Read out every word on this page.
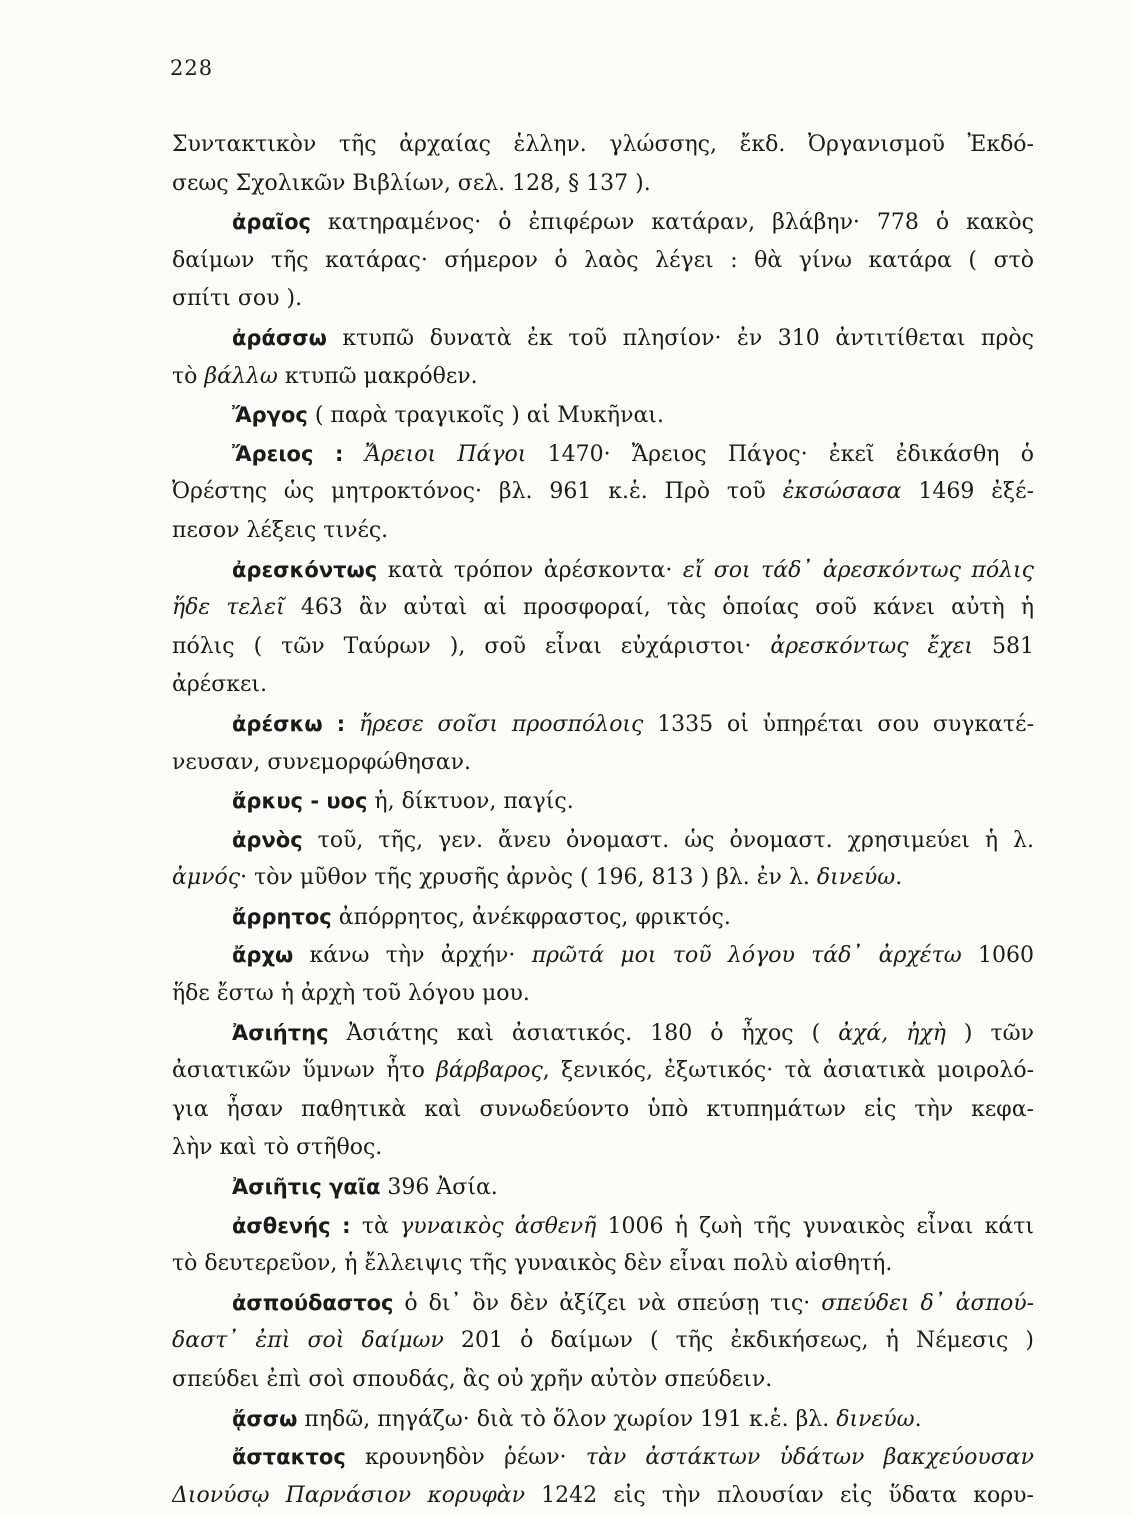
228
Συντακτικὸν τῆς ἀρχαίας ἑλλην. γλώσσης, ἔκδ. Ὀργανισμοῦ Ἐκδό-
σεως Σχολικῶν Βιβλίων, σελ. 128, § 137 ).
ἀραῖος κατηραμένος· ὁ ἐπιφέρων κατάραν, βλάβην· 778 ὁ κακὸς
δαίμων τῆς κατάρας· σήμερον ὁ λαὸς λέγει : θὰ γίνω κατάρα ( στὸ
σπίτι σου ).
ἀράσσω κτυπῶ δυνατὰ ἐκ τοῦ πλησίον· ἐν 310 ἀντιτίθεται πρὸς
τὸ βάλλω κτυπῶ μακρόθεν.
Ἄργος ( παρὰ τραγικοῖς ) αἱ Μυκῆναι.
Ἄρειος : Ἄρειοι Πάγοι 1470· Ἄρειος Πάγος· ἐκεῖ ἐδικάσθη ὁ
Ὀρέστης ὡς μητροκτόνος· βλ. 961 κ.ἑ. Πρὸ τοῦ ἐκσώσασα 1469 ἐξέ-
πεσον λέξεις τινές.
ἀρεσκόντως κατὰ τρόπον ἀρέσκοντα· εἴ σοι τάδ᾽ ἀρεσκόντως πόλις
ἥδε τελεῖ 463 ἂν αὐταὶ αἱ προσφοραί, τὰς ὁποίας σοῦ κάνει αὐτὴ ἡ
πόλις ( τῶν Ταύρων ), σοῦ εἶναι εὐχάριστοι· ἀρεσκόντως ἔχει 581
ἀρέσκει.
ἀρέσκω : ἤρεσε σοῖσι προσπόλοις 1335 οἱ ὑπηρέται σου συγκατέ-
νευσαν, συνεμορφώθησαν.
ἄρκυς - υος ἡ, δίκτυον, παγίς.
ἀρνὸς τοῦ, τῆς, γεν. ἄνευ ὀνομαστ. ὡς ὀνομαστ. χρησιμεύει ἡ λ.
ἀμνός· τὸν μῦθον τῆς χρυσῆς ἀρνὸς ( 196, 813 ) βλ. ἐν λ. δινεύω.
ἄρρητος ἀπόρρητος, ἀνέκφραστος, φρικτός.
ἄρχω κάνω τὴν ἀρχήν· πρῶτά μοι τοῦ λόγου τάδ᾽ ἀρχέτω 1060
ἥδε ἔστω ἡ ἀρχὴ τοῦ λόγου μου.
Ἀσιήτης Ἀσιάτης καὶ ἀσιατικός. 180 ὁ ἦχος ( ἀχά, ἠχὴ ) τῶν
ἀσιατικῶν ὕμνων ἦτο βάρβαρος, ξενικός, ἐξωτικός· τὰ ἀσιατικὰ μοιρολό-
για ἦσαν παθητικὰ καὶ συνωδεύοντο ὑπὸ κτυπημάτων εἰς τὴν κεφα-
λὴν καὶ τὸ στῆθος.
Ἀσιῆτις γαῖα 396 Ἀσία.
ἀσθενής : τὰ γυναικὸς ἀσθενῆ 1006 ἡ ζωὴ τῆς γυναικὸς εἶναι κάτι
τὸ δευτερεῦον, ἡ ἔλλειψις τῆς γυναικὸς δὲν εἶναι πολὺ αἰσθητή.
ἀσπούδαστος ὁ δι᾽ ὃν δὲν ἀξίζει νὰ σπεύσῃ τις· σπεύδει δ᾽ ἀσπού-
δαστ᾽ ἐπὶ σοὶ δαίμων 201 ὁ δαίμων ( τῆς ἐκδικήσεως, ἡ Νέμεσις )
σπεύδει ἐπὶ σοὶ σπουδάς, ἃς οὐ χρῆν αὐτὸν σπεύδειν.
ᾄσσω πηδῶ, πηγάζω· διὰ τὸ ὅλον χωρίον 191 κ.ἑ. βλ. δινεύω.
ἄστακτος κρουνηδὸν ῥέων· τὰν ἀστάκτων ὑδάτων βακχεύουσαν
Διονύσῳ Παρνάσιον κορυφὰν 1242 εἰς τὴν πλουσίαν εἰς ὕδατα κορυ-
